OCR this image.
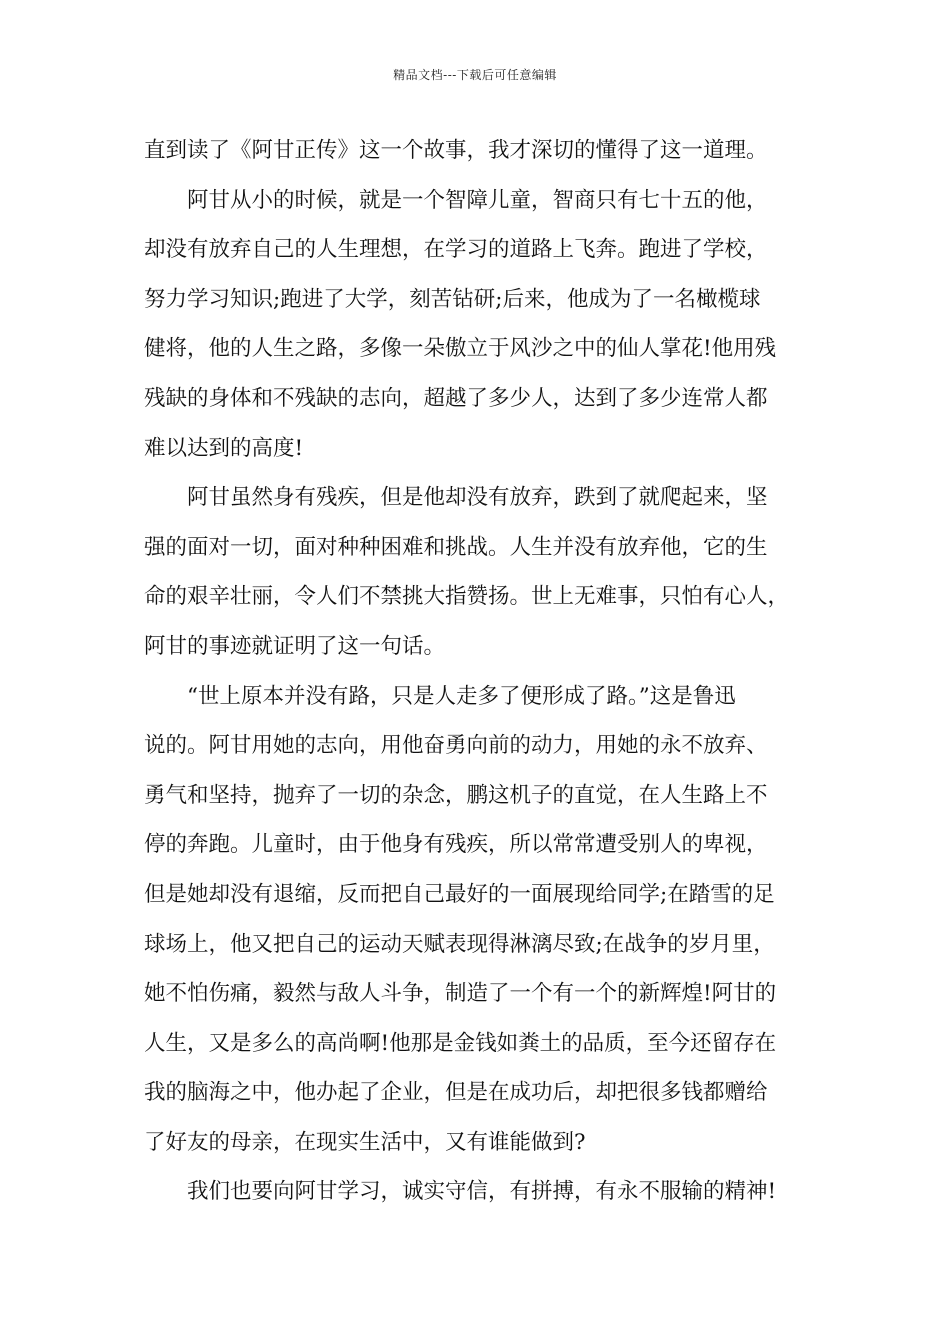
精品文档---下载后可任意编辑
直到读了《阿甘正传》这一个故事，我才深切的懂得了这一道理。
阿甘从小的时候，就是一个智障儿童，智商只有七十五的他，
却没有放弃自己的人生理想，在学习的道路上飞奔。跑进了学校，
努力学习知识;跑进了大学，刻苦钻研;后来，他成为了一名橄榄球
健将，他的人生之路，多像一朵傲立于风沙之中的仙人掌花!他用残
残缺的身体和不残缺的志向，超越了多少人，达到了多少连常人都
难以达到的高度!
阿甘虽然身有残疾，但是他却没有放弃，跌到了就爬起来，坚
强的面对一切，面对种种困难和挑战。人生并没有放弃他，它的生
命的艰辛壮丽，令人们不禁挑大指赞扬。世上无难事，只怕有心人，
阿甘的事迹就证明了这一句话。
“世上原本并没有路，只是人走多了便形成了路。”这是鲁迅
说的。阿甘用她的志向，用他奋勇向前的动力，用她的永不放弃、
勇气和坚持，抛弃了一切的杂念，鹏这机子的直觉，在人生路上不
停的奔跑。儿童时，由于他身有残疾，所以常常遭受别人的卑视，
但是她却没有退缩，反而把自己最好的一面展现给同学;在踏雪的足
球场上，他又把自己的运动天赋表现得淋漓尽致;在战争的岁月里，
她不怕伤痛，毅然与敌人斗争，制造了一个有一个的新辉煌!阿甘的
人生，又是多么的高尚啊!他那是金钱如粪土的品质，至今还留存在
我的脑海之中，他办起了企业，但是在成功后，却把很多钱都赠给
了好友的母亲，在现实生活中，又有谁能做到?
我们也要向阿甘学习，诚实守信，有拼搏，有永不服输的精神!
